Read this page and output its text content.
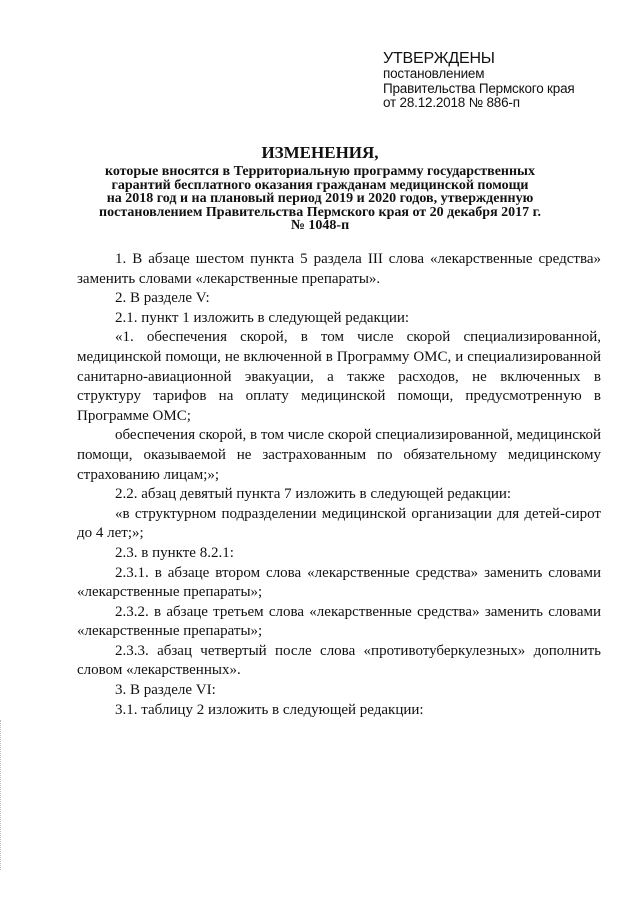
УТВЕРЖДЕНЫ
постановлением
Правительства Пермского края
от 28.12.2018 № 886-п
ИЗМЕНЕНИЯ,
которые вносятся в Территориальную программу государственных
гарантий бесплатного оказания гражданам медицинской помощи
на 2018 год и на плановый период 2019 и 2020 годов, утвержденную
постановлением Правительства Пермского края от 20 декабря 2017 г.
№ 1048-п

1. В абзаце шестом пункта 5 раздела III слова «лекарственные средства» заменить словами «лекарственные препараты».

2. В разделе V:

2.1. пункт 1 изложить в следующей редакции:

«1. обеспечения скорой, в том числе скорой специализированной, медицинской помощи, не включенной в Программу ОМС, и специализированной санитарно-авиационной эвакуации, а также расходов, не включенных в структуру тарифов на оплату медицинской помощи, предусмотренную в Программе ОМС;

обеспечения скорой, в том числе скорой специализированной, медицинской помощи, оказываемой не застрахованным по обязательному медицинскому страхованию лицам;»;

2.2. абзац девятый пункта 7 изложить в следующей редакции:

«в структурном подразделении медицинской организации для детей-сирот до 4 лет;»;

2.3. в пункте 8.2.1:

2.3.1. в абзаце втором слова «лекарственные средства» заменить словами «лекарственные препараты»;

2.3.2. в абзаце третьем слова «лекарственные средства» заменить словами «лекарственные препараты»;

2.3.3. абзац четвертый после слова «противотуберкулезных» дополнить словом «лекарственных».

3. В разделе VI:

3.1. таблицу 2 изложить в следующей редакции:
